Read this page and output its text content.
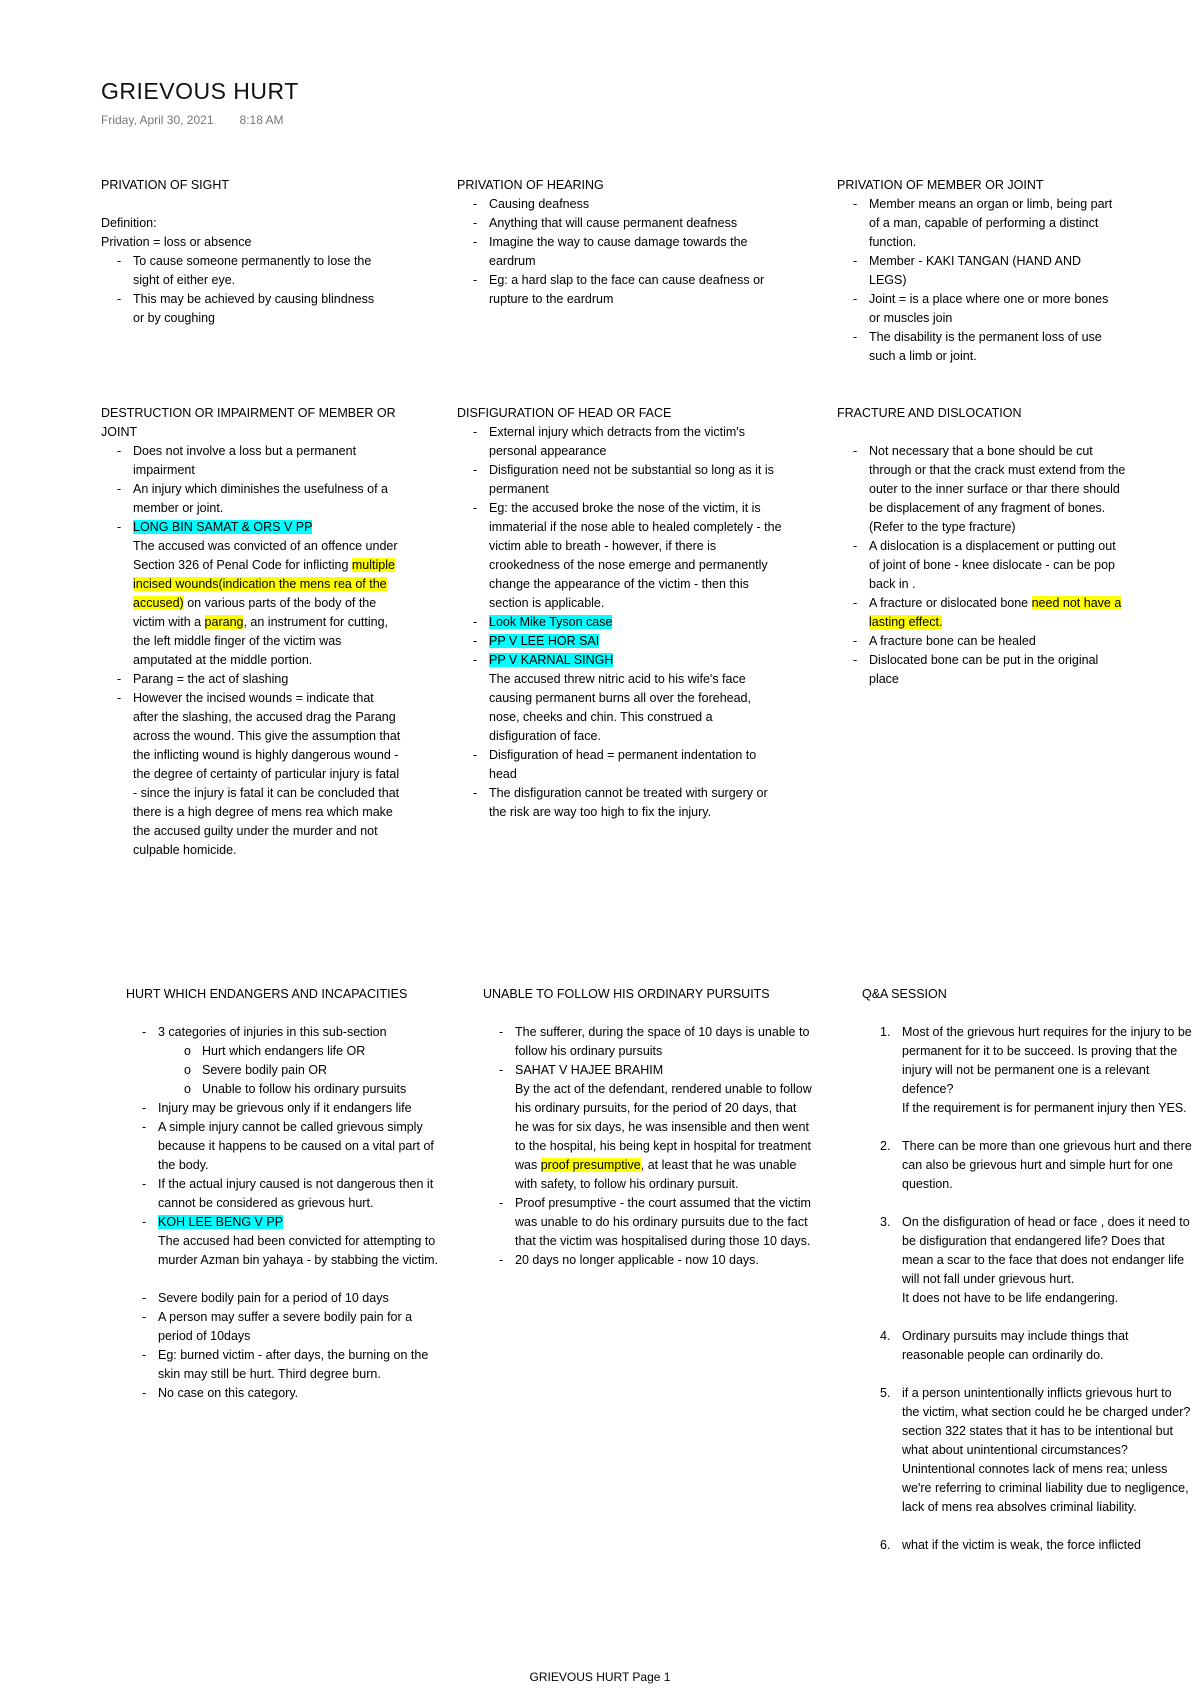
GRIEVOUS HURT
Friday, April 30, 2021 8:18 AM
PRIVATION OF SIGHT
Definition:
Privation = loss or absence
- To cause someone permanently to lose the sight of either eye.
- This may be achieved by causing blindness or by coughing
PRIVATION OF HEARING
- Causing deafness
- Anything that will cause permanent deafness
- Imagine the way to cause damage towards the eardrum
- Eg: a hard slap to the face can cause deafness or rupture to the eardrum
PRIVATION OF MEMBER OR JOINT
- Member means an organ or limb, being part of a man, capable of performing a distinct function.
- Member - KAKI TANGAN (HAND AND LEGS)
- Joint = is a place where one or more bones or muscles join
- The disability is the permanent loss of use such a limb or joint.
DESTRUCTION OR IMPAIRMENT OF MEMBER OR JOINT
- Does not involve a loss but a permanent impairment
- An injury which diminishes the usefulness of a member or joint.
- LONG BIN SAMAT & ORS V PP
The accused was convicted of an offence under Section 326 of Penal Code for inflicting multiple incised wounds(indication the mens rea of the accused) on various parts of the body of the victim with a parang, an instrument for cutting, the left middle finger of the victim was amputated at the middle portion.
- Parang = the act of slashing
- However the incised wounds = indicate that after the slashing, the accused drag the Parang across the wound. This give the assumption that the inflicting wound is highly dangerous wound - the degree of certainty of particular injury is fatal - since the injury is fatal it can be concluded that there is a high degree of mens rea which make the accused guilty under the murder and not culpable homicide.
DISFIGURATION OF HEAD OR FACE
- External injury which detracts from the victim's personal appearance
- Disfiguration need not be substantial so long as it is permanent
- Eg: the accused broke the nose of the victim, it is immaterial if the nose able to healed completely - the victim able to breath - however, if there is crookedness of the nose emerge and permanently change the appearance of the victim - then this section is applicable.
- Look Mike Tyson case
- PP V LEE HOR SAI
- PP V KARNAL SINGH
The accused threw nitric acid to his wife's face causing permanent burns all over the forehead, nose, cheeks and chin. This construed a disfiguration of face.
- Disfiguration of head = permanent indentation to head
- The disfiguration cannot be treated with surgery or the risk are way too high to fix the injury.
FRACTURE AND DISLOCATION
- Not necessary that a bone should be cut through or that the crack must extend from the outer to the inner surface or thar there should be displacement of any fragment of bones. (Refer to the type fracture)
- A dislocation is a displacement or putting out of joint of bone - knee dislocate - can be pop back in .
- A fracture or dislocated bone need not have a lasting effect.
- A fracture bone can be healed
- Dislocated bone can be put in the original place
HURT WHICH ENDANGERS AND INCAPACITIES
- 3 categories of injuries in this sub-section
o Hurt which endangers life OR
o Severe bodily pain OR
o Unable to follow his ordinary pursuits
- Injury may be grievous only if it endangers life
- A simple injury cannot be called grievous simply because it happens to be caused on a vital part of the body.
- If the actual injury caused is not dangerous then it cannot be considered as grievous hurt.
- KOH LEE BENG V PP
The accused had been convicted for attempting to murder Azman bin yahaya - by stabbing the victim.
- Severe bodily pain for a period of 10 days
- A person may suffer a severe bodily pain for a period of 10days
- Eg: burned victim - after days, the burning on the skin may still be hurt. Third degree burn.
- No case on this category.
UNABLE TO FOLLOW HIS ORDINARY PURSUITS
- The sufferer, during the space of 10 days is unable to follow his ordinary pursuits
- SAHAT V HAJEE BRAHIM
By the act of the defendant, rendered unable to follow his ordinary pursuits, for the period of 20 days, that he was for six days, he was insensible and then went to the hospital, his being kept in hospital for treatment was proof presumptive, at least that he was unable with safety, to follow his ordinary pursuit.
- Proof presumptive - the court assumed that the victim was unable to do his ordinary pursuits due to the fact that the victim was hospitalised during those 10 days.
- 20 days no longer applicable - now 10 days.
Q&A SESSION
1. Most of the grievous hurt requires for the injury to be permanent for it to be succeed. Is proving that the injury will not be permanent one is a relevant defence?
If the requirement is for permanent injury then YES.
2. There can be more than one grievous hurt and there can also be grievous hurt and simple hurt for one question.
3. On the disfiguration of head or face , does it need to be disfiguration that endangered life? Does that mean a scar to the face that does not endanger life will not fall under grievous hurt.
It does not have to be life endangering.
4. Ordinary pursuits may include things that reasonable people can ordinarily do.
5. if a person unintentionally inflicts grievous hurt to the victim, what section could he be charged under? section 322 states that it has to be intentional but what about unintentional circumstances?
Unintentional connotes lack of mens rea; unless we're referring to criminal liability due to negligence, lack of mens rea absolves criminal liability.
6. what if the victim is weak, the force inflicted
GRIEVOUS HURT Page 1
